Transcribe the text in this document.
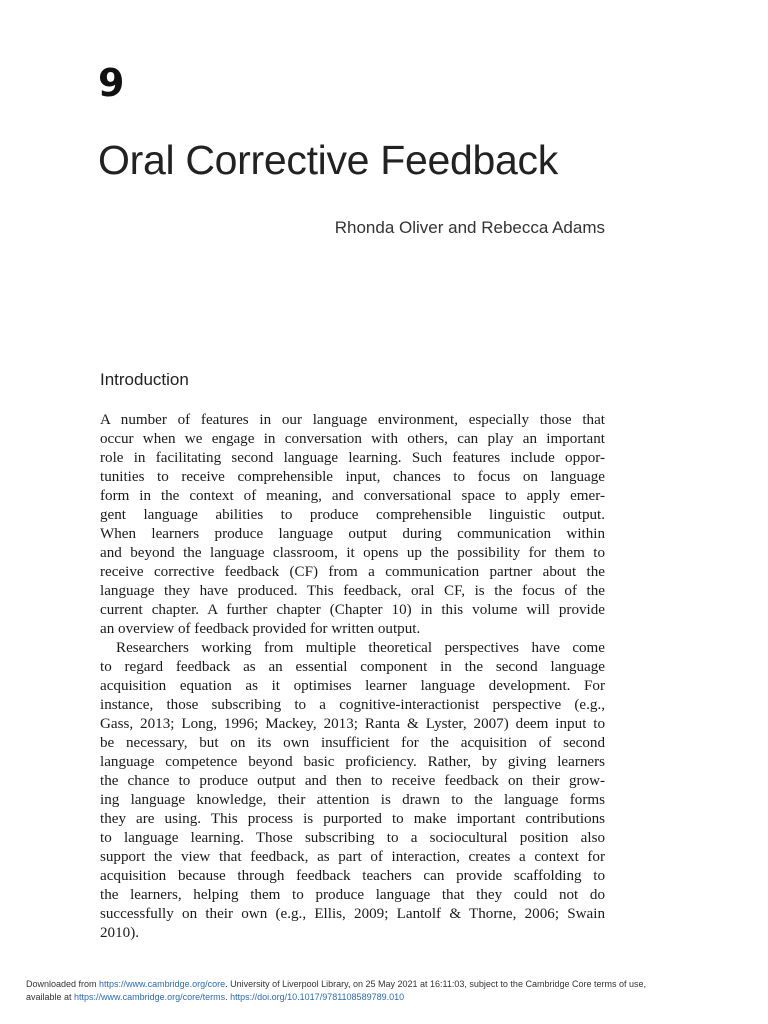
9
Oral Corrective Feedback
Rhonda Oliver and Rebecca Adams
Introduction
A number of features in our language environment, especially those that
occur when we engage in conversation with others, can play an important
role in facilitating second language learning. Such features include oppor-
tunities to receive comprehensible input, chances to focus on language
form in the context of meaning, and conversational space to apply emer-
gent language abilities to produce comprehensible linguistic output.
When learners produce language output during communication within
and beyond the language classroom, it opens up the possibility for them to
receive corrective feedback (CF) from a communication partner about the
language they have produced. This feedback, oral CF, is the focus of the
current chapter. A further chapter (Chapter 10) in this volume will provide
an overview of feedback provided for written output.
Researchers working from multiple theoretical perspectives have come
to regard feedback as an essential component in the second language
acquisition equation as it optimises learner language development. For
instance, those subscribing to a cognitive-interactionist perspective (e.g.,
Gass, 2013; Long, 1996; Mackey, 2013; Ranta & Lyster, 2007) deem input to
be necessary, but on its own insufficient for the acquisition of second
language competence beyond basic proficiency. Rather, by giving learners
the chance to produce output and then to receive feedback on their grow-
ing language knowledge, their attention is drawn to the language forms
they are using. This process is purported to make important contributions
to language learning. Those subscribing to a sociocultural position also
support the view that feedback, as part of interaction, creates a context for
acquisition because through feedback teachers can provide scaffolding to
the learners, helping them to produce language that they could not do
successfully on their own (e.g., Ellis, 2009; Lantolf & Thorne, 2006; Swain
2010).
Downloaded from https://www.cambridge.org/core. University of Liverpool Library, on 25 May 2021 at 16:11:03, subject to the Cambridge Core terms of use,
available at https://www.cambridge.org/core/terms. https://doi.org/10.1017/9781108589789.010
